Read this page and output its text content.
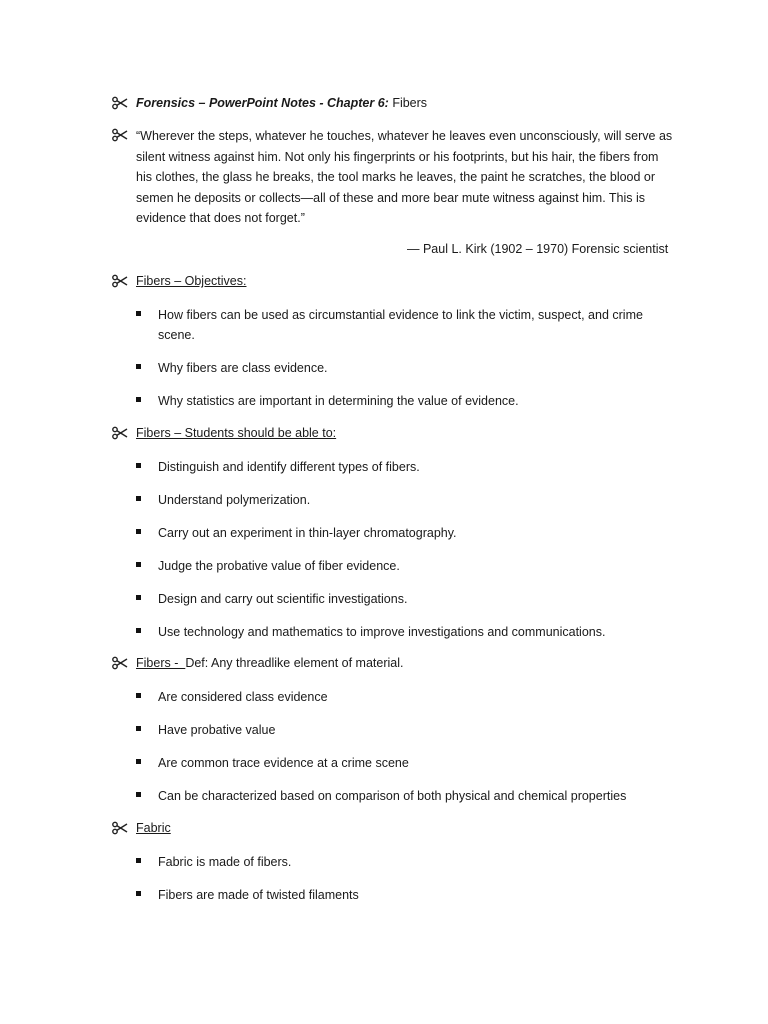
Forensics – PowerPoint Notes - Chapter 6: Fibers
“Wherever the steps, whatever he touches, whatever he leaves even unconsciously, will serve as silent witness against him. Not only his fingerprints or his footprints, but his hair, the fibers from his clothes, the glass he breaks, the tool marks he leaves, the paint he scratches, the blood or semen he deposits or collects—all of these and more bear mute witness against him. This is evidence that does not forget.”
— Paul L. Kirk (1902 – 1970) Forensic scientist
Fibers – Objectives:
How fibers can be used as circumstantial evidence to link the victim, suspect, and crime scene.
Why fibers are class evidence.
Why statistics are important in determining the value of evidence.
Fibers – Students should be able to:
Distinguish and identify different types of fibers.
Understand polymerization.
Carry out an experiment in thin-layer chromatography.
Judge the probative value of fiber evidence.
Design and carry out scientific investigations.
Use technology and mathematics to improve investigations and communications.
Fibers -  Def: Any threadlike element of material.
Are considered class evidence
Have probative value
Are common trace evidence at a crime scene
Can be characterized based on comparison of both physical and chemical properties
Fabric
Fabric is made of fibers.
Fibers are made of twisted filaments
